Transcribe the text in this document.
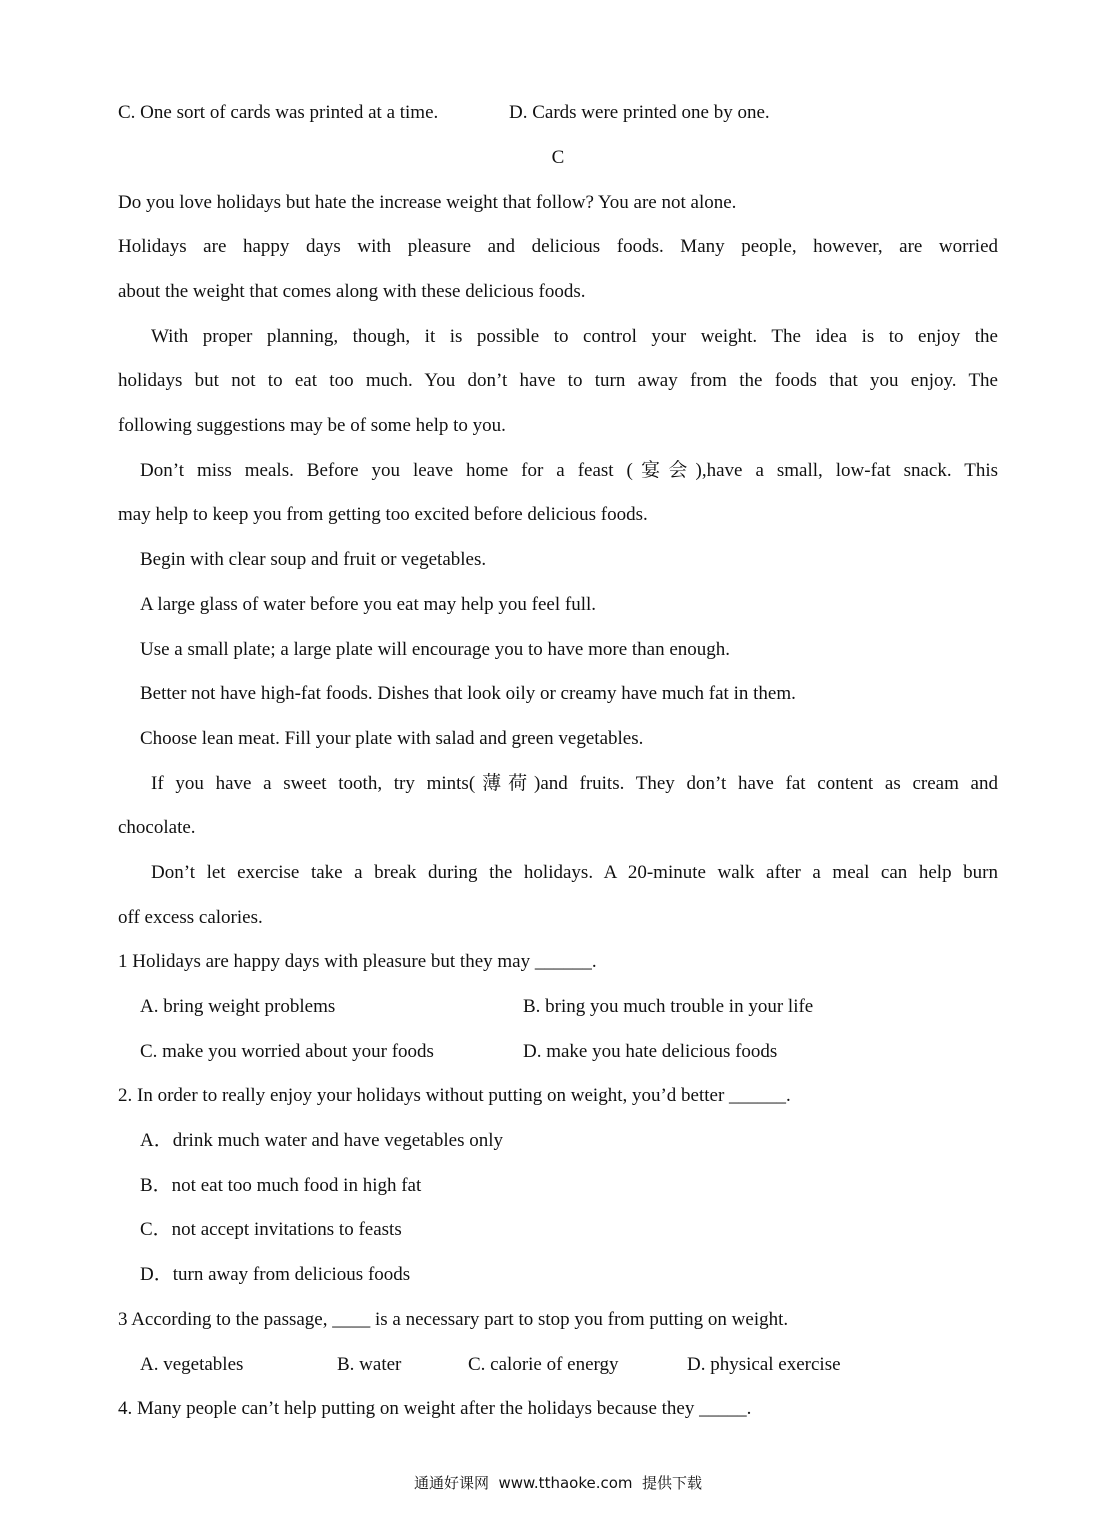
C. One sort of cards was printed at a time.	D. Cards were printed one by one.
C
Do you love holidays but hate the increase weight that follow? You are not alone.
Holidays are happy days with pleasure and delicious foods. Many people, however, are worried
about the weight that comes along with these delicious foods.
With proper planning, though, it is possible to control your weight. The idea is to enjoy the
holidays but not to eat too much. You don’t have to turn away from the foods that you enjoy. The
following suggestions may be of some help to you.
Don’t miss meals. Before you leave home for a feast (宴会),have a small, low-fat snack. This
may help to keep you from getting too excited before delicious foods.
Begin with clear soup and fruit or vegetables.
A large glass of water before you eat may help you feel full.
Use a small plate; a large plate will encourage you to have more than enough.
Better not have high-fat foods. Dishes that look oily or creamy have much fat in them.
Choose lean meat. Fill your plate with salad and green vegetables.
If you have a sweet tooth, try mints(薄荷)and fruits. They don’t have fat content as cream and
chocolate.
Don’t let exercise take a break during the holidays. A 20-minute walk after a meal can help burn
off excess calories.
1 Holidays are happy days with pleasure but they may ______.
A. bring weight problems	B. bring you much trouble in your life
C. make you worried about your foods	D. make you hate delicious foods
2. In order to really enjoy your holidays without putting on weight, you’d better ______.
A．drink much water and have vegetables only
B．not eat too much food in high fat
C．not accept invitations to feasts
D．turn away from delicious foods
3 According to the passage, ____ is a necessary part to stop you from putting on weight.
A. vegetables	B. water	C. calorie of energy	D. physical exercise
4. Many people can’t help putting on weight after the holidays because they _____.
通通好课网  www.tthaoke.com  提供下载
